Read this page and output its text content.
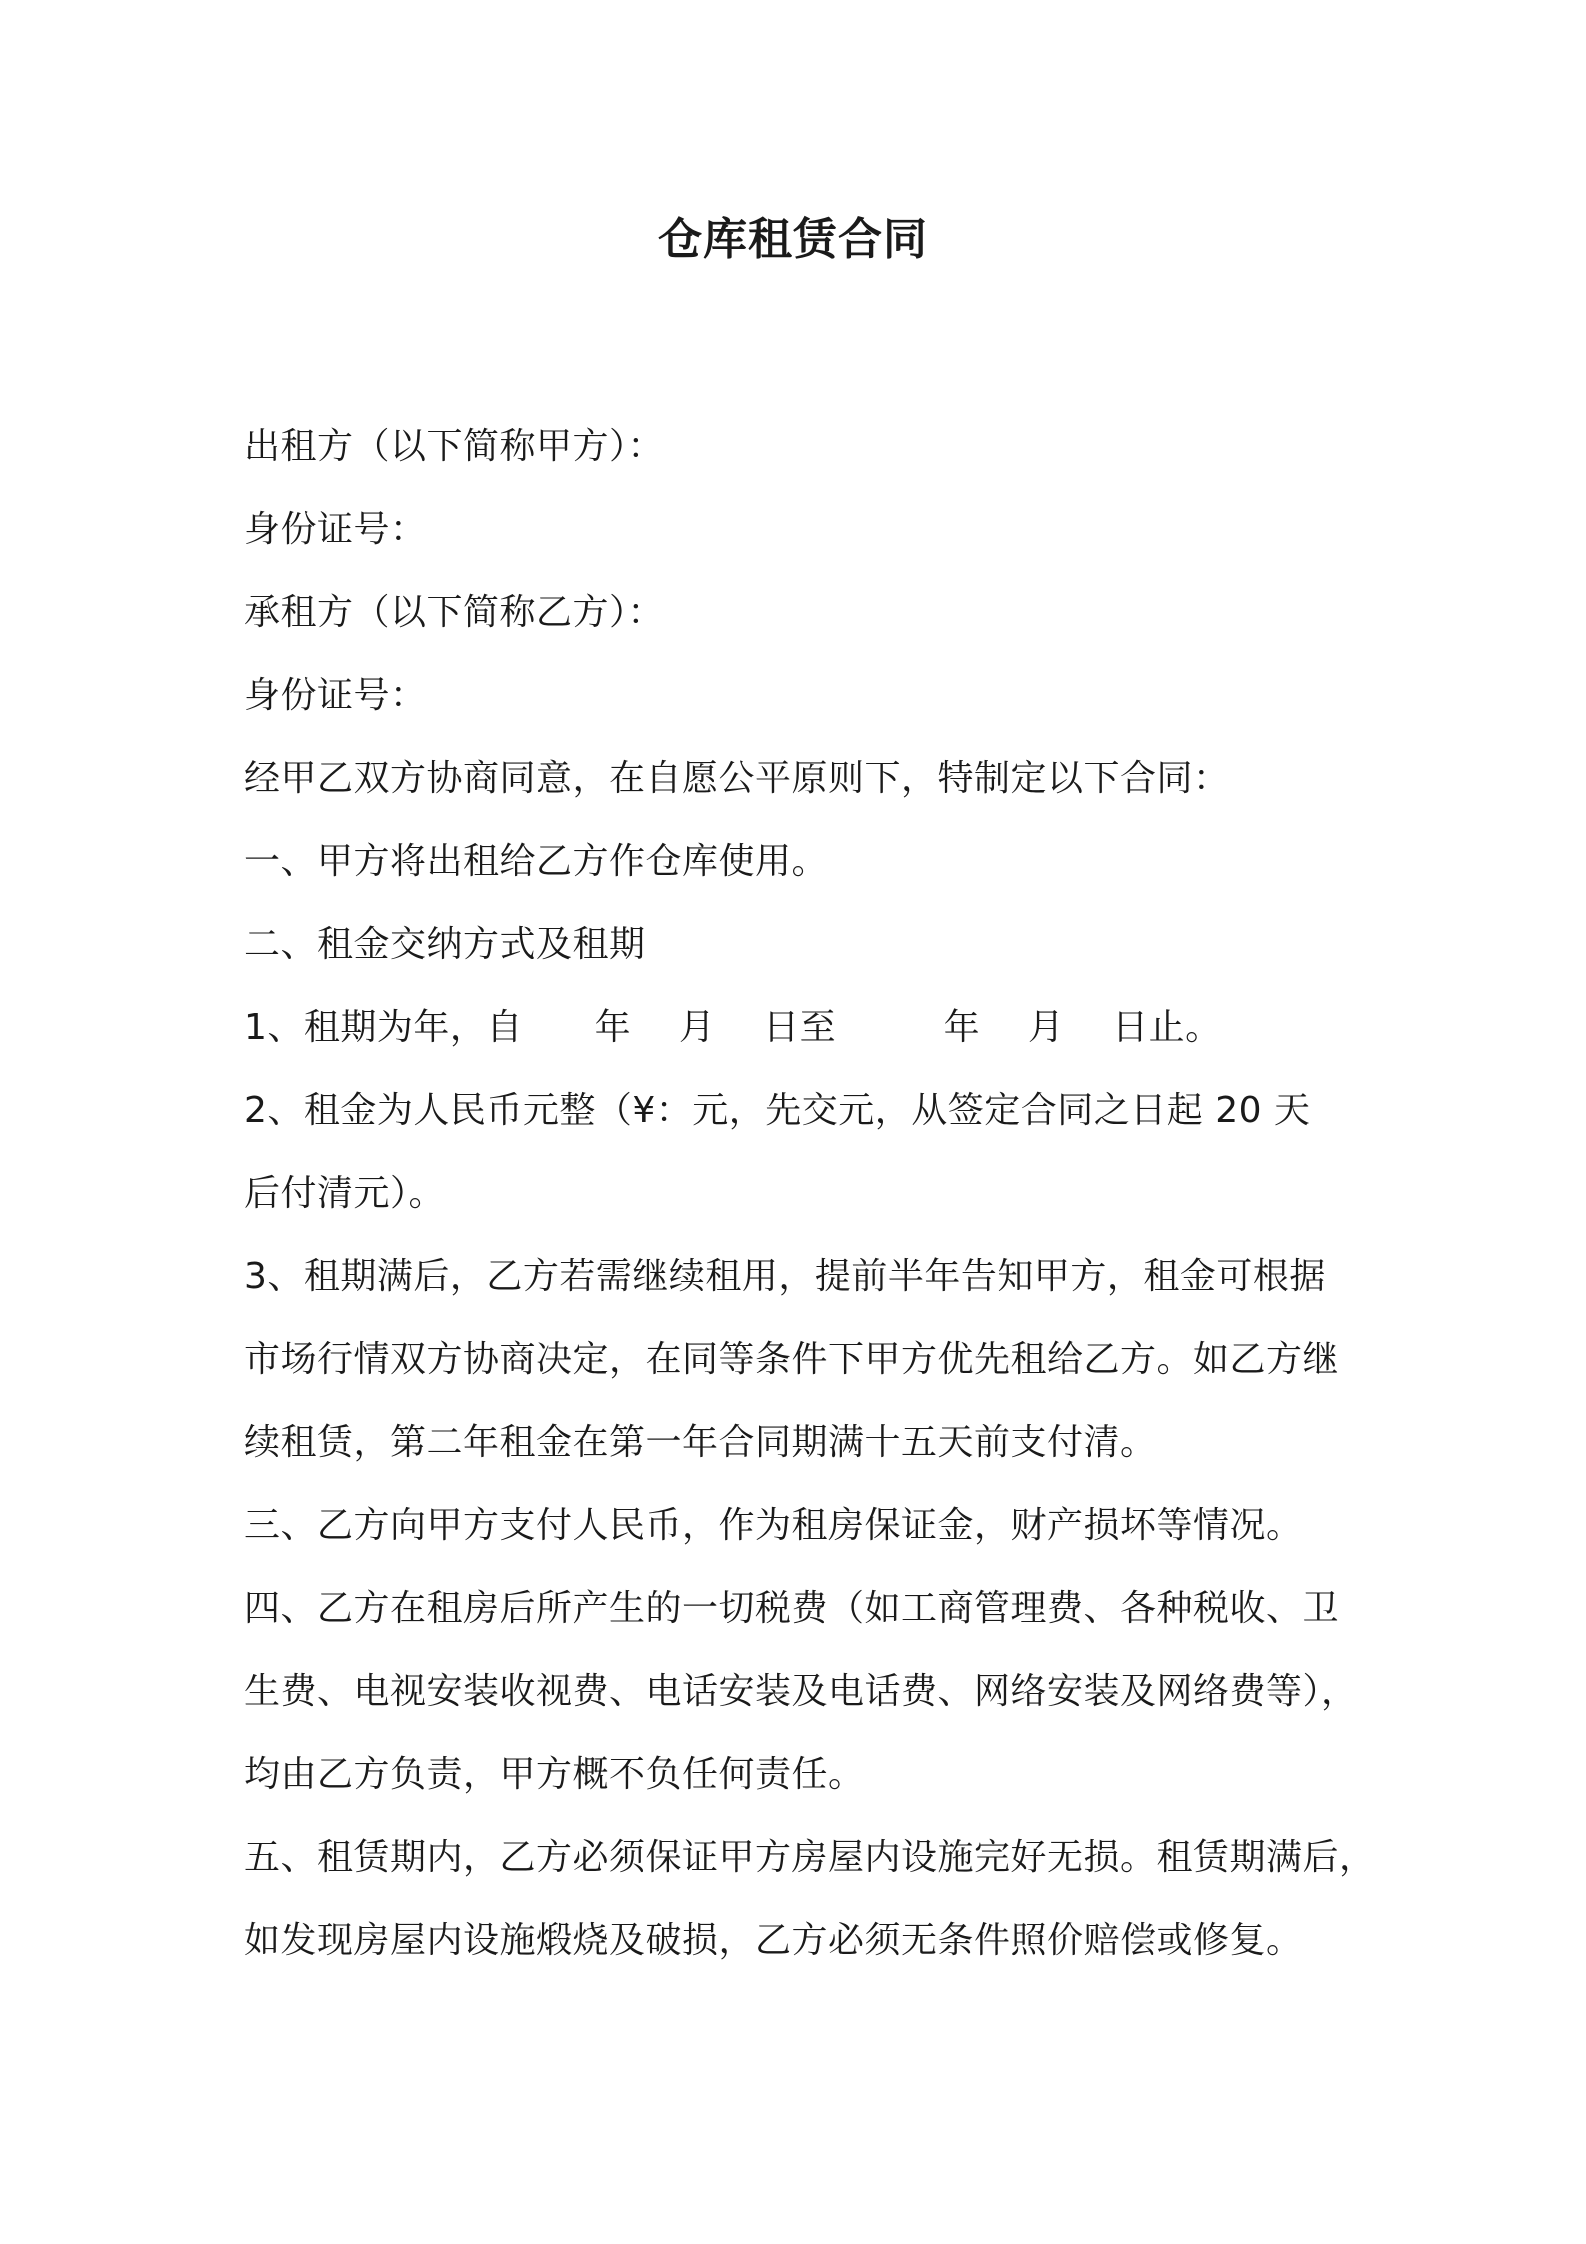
仓库租赁合同
出租方（以下简称甲方）：
身份证号：
承租方（以下简称乙方）：
身份证号：
经甲乙双方协商同意，在自愿公平原则下，特制定以下合同：
一、甲方将出租给乙方作仓库使用。
二、租金交纳方式及租期
1、租期为年，自      年    月    日至         年    月    日止。
2、租金为人民币元整（¥：元，先交元，从签定合同之日起 20 天
后付清元）。
3、租期满后，乙方若需继续租用，提前半年告知甲方，租金可根据
市场行情双方协商决定，在同等条件下甲方优先租给乙方。如乙方继
续租赁，第二年租金在第一年合同期满十五天前支付清。
三、乙方向甲方支付人民币，作为租房保证金，财产损坏等情况。
四、乙方在租房后所产生的一切税费（如工商管理费、各种税收、卫
生费、电视安装收视费、电话安装及电话费、网络安装及网络费等），
均由乙方负责，甲方概不负任何责任。
五、租赁期内，乙方必须保证甲方房屋内设施完好无损。租赁期满后，
如发现房屋内设施煅烧及破损，乙方必须无条件照价赔偿或修复。
